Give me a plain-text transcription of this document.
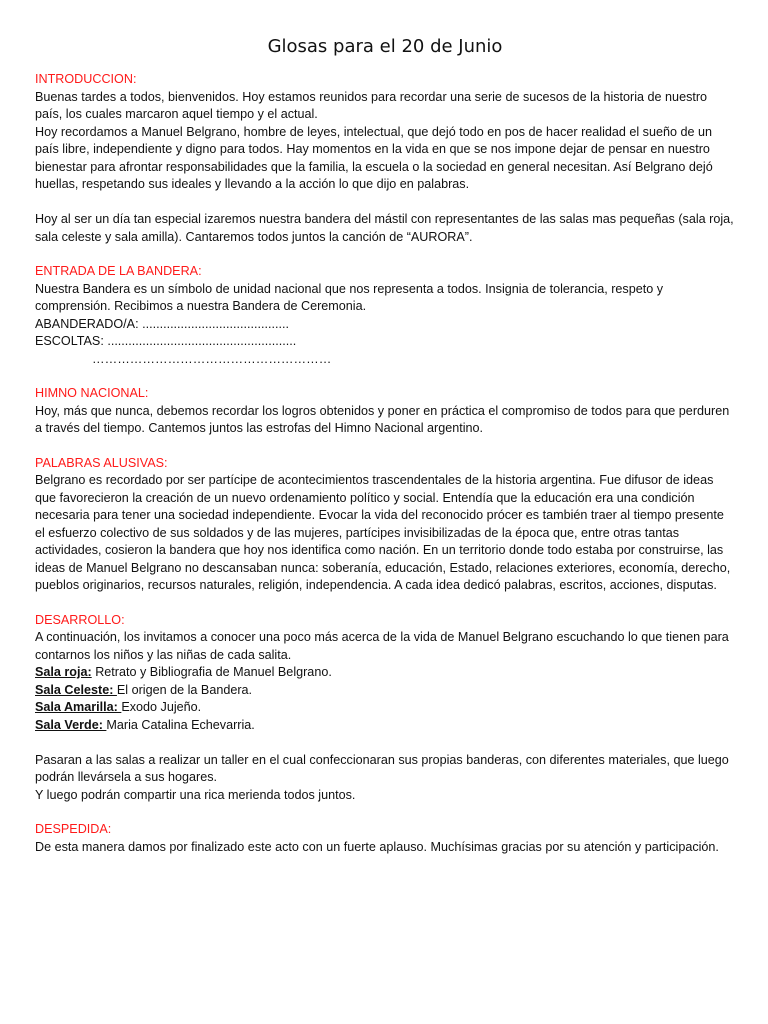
Glosas para el 20 de Junio
INTRODUCCION:

Buenas tardes a todos, bienvenidos. Hoy estamos reunidos para recordar una serie de sucesos de la historia de nuestro país, los cuales marcaron aquel tiempo y el actual.

Hoy recordamos a Manuel Belgrano, hombre de leyes, intelectual, que dejó todo en pos de hacer realidad el sueño de un país libre, independiente y digno para todos. Hay momentos en la vida en que se nos impone dejar de pensar en nuestro bienestar para afrontar responsabilidades que la familia, la escuela o la sociedad en general necesitan. Así Belgrano dejó huellas, respetando sus ideales y llevando a la acción lo que dijo en palabras.

Hoy al ser un día tan especial izaremos nuestra bandera del mástil con representantes de las salas mas pequeñas (sala roja, sala celeste y sala amilla). Cantaremos todos juntos la canción de “AURORA”.

ENTRADA DE LA BANDERA:

Nuestra Bandera es un símbolo de unidad nacional que nos representa a todos. Insignia de tolerancia, respeto y comprensión. Recibimos a nuestra Bandera de Ceremonia.

ABANDERADO/A: ..........................................
ESCOLTAS: ......................................................
…………………………………………………
HIMNO NACIONAL:

Hoy, más que nunca, debemos recordar los logros obtenidos y poner en práctica el compromiso de todos para que perduren a través del tiempo. Cantemos juntos las estrofas del Himno Nacional argentino.

PALABRAS ALUSIVAS:

Belgrano es recordado por ser partícipe de acontecimientos trascendentales de la historia argentina. Fue difusor de ideas que favorecieron la creación de un nuevo ordenamiento político y social. Entendía que la educación era una condición necesaria para tener una sociedad independiente. Evocar la vida del reconocido prócer es también traer al tiempo presente el esfuerzo colectivo de sus soldados y de las mujeres, partícipes invisibilizadas de la época que, entre otras tantas actividades, cosieron la bandera que hoy nos identifica como nación. En un territorio donde todo estaba por construirse, las ideas de Manuel Belgrano no descansaban nunca: soberanía, educación, Estado, relaciones exteriores, economía, derecho, pueblos originarios, recursos naturales, religión, independencia. A cada idea dedicó palabras, escritos, acciones, disputas.

DESARROLLO:

A continuación, los invitamos a conocer una poco más acerca de la vida de Manuel Belgrano escuchando lo que tienen para contarnos los niños y las niñas de cada salita.

Sala roja: Retrato y Bibliografia de Manuel Belgrano.
Sala Celeste: El origen de la Bandera.
Sala Amarilla: Exodo Jujeño.
Sala Verde: Maria Catalina Echevarria.

Pasaran a las salas a realizar un taller en el cual confeccionaran sus propias banderas, con diferentes materiales, que luego podrán llevársela a sus hogares.

Y luego podrán compartir una rica merienda todos juntos.

DESPEDIDA:

De esta manera damos por finalizado este acto con un fuerte aplauso. Muchísimas gracias por su atención y participación.
